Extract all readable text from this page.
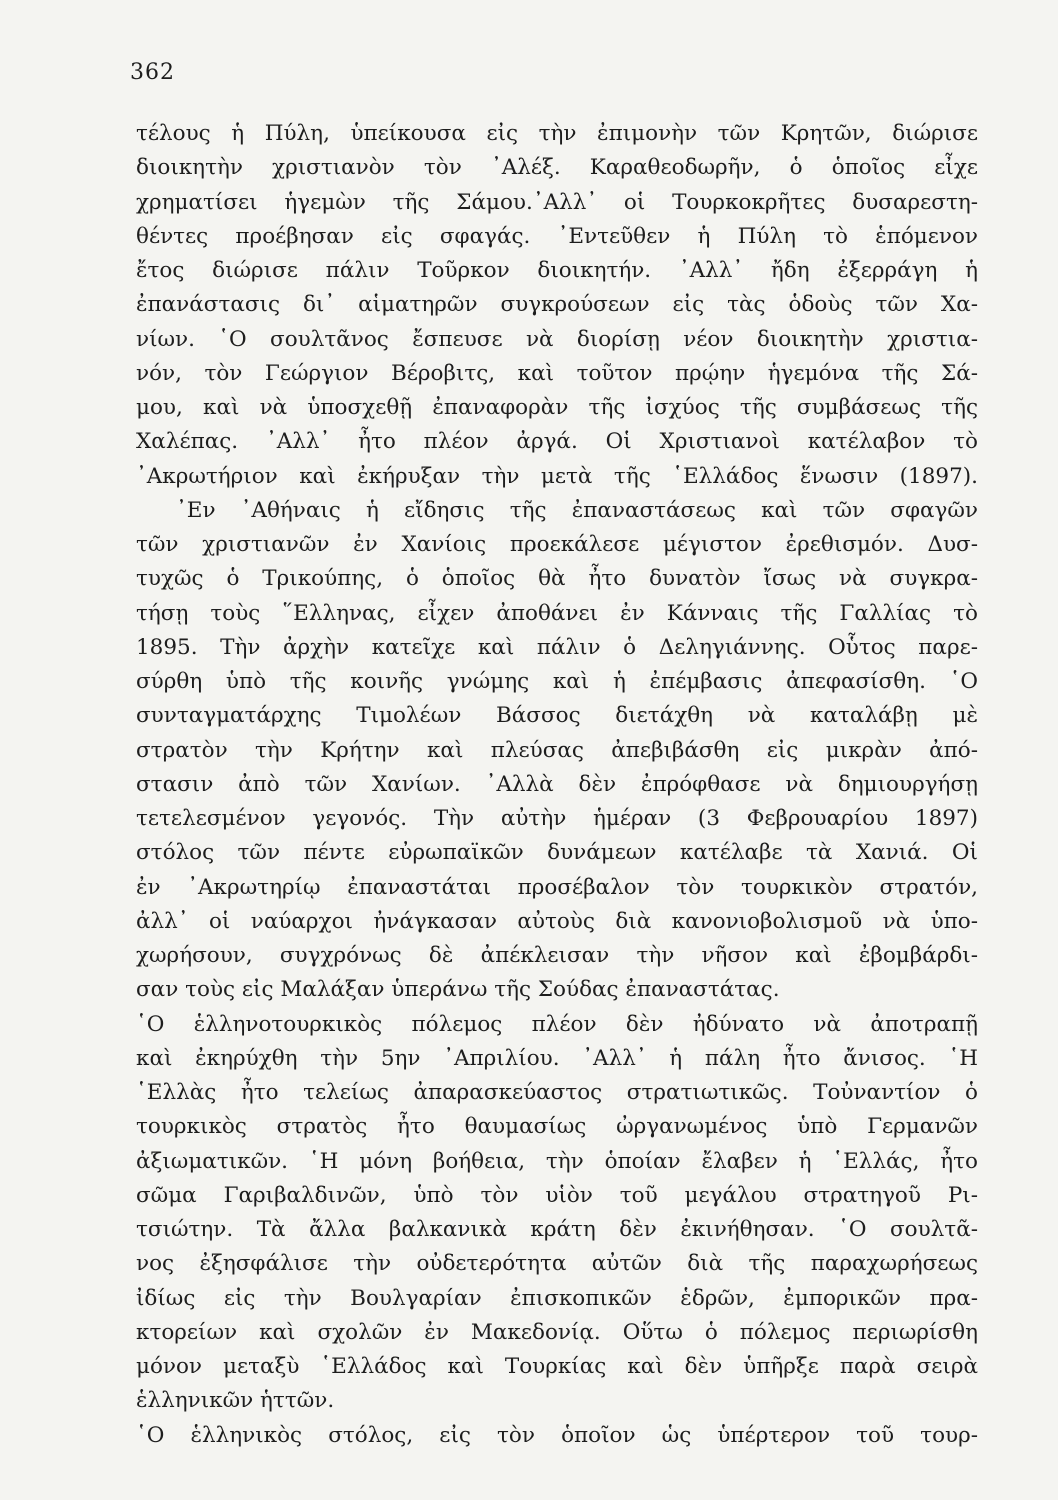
362
τέλους ἡ Πύλη, ὑπείκουσα εἰς τὴν ἐπιμονὴν τῶν Κρητῶν, διώρισε
διοικητὴν χριστιανὸν τὸν ᾿Αλέξ. Καραθεοδωρῆν, ὁ ὁποῖος εἶχε
χρηματίσει ἡγεμὼν τῆς Σάμου.᾿Αλλ᾿ οἱ Τουρκοκρῆτες δυσαρεστη-
θέντες προέβησαν εἰς σφαγάς. ᾿Εντεῦθεν ἡ Πύλη τὸ ἑπόμενον
ἔτος διώρισε πάλιν Τοῦρκον διοικητήν. ᾿Αλλ᾿ ἤδη ἐξερράγη ἡ
ἐπανάστασις δι᾿ αἱματηρῶν συγκρούσεων εἰς τὰς ὁδοὺς τῶν Χα-
νίων. ῾Ο σουλτᾶνος ἔσπευσε νὰ διορίσῃ νέον διοικητὴν χριστια-
νόν, τὸν Γεώργιον Βέροβιτς, καὶ τοῦτον πρῴην ἡγεμόνα τῆς Σά-
μου, καὶ νὰ ὑποσχεθῇ ἐπαναφορὰν τῆς ἰσχύος τῆς συμβάσεως τῆς
Χαλέπας. ᾿Αλλ᾿ ἦτο πλέον ἀργά. Οἱ Χριστιανοὶ κατέλαβον τὸ
᾿Ακρωτήριον καὶ ἐκήρυξαν τὴν μετὰ τῆς ῾Ελλάδος ἕνωσιν (1897).
᾿Εν ᾿Αθήναις ἡ εἴδησις τῆς ἐπαναστάσεως καὶ τῶν σφαγῶν
τῶν χριστιανῶν ἐν Χανίοις προεκάλεσε μέγιστον ἐρεθισμόν. Δυσ-
τυχῶς ὁ Τρικούπης, ὁ ὁποῖος θὰ ἦτο δυνατὸν ἴσως νὰ συγκρα-
τήσῃ τοὺς ῞Ελληνας, εἶχεν ἀποθάνει ἐν Κάνναις τῆς Γαλλίας τὸ
1895. Τὴν ἀρχὴν κατεῖχε καὶ πάλιν ὁ Δεληγιάννης. Οὗτος παρε-
σύρθη ὑπὸ τῆς κοινῆς γνώμης καὶ ἡ ἐπέμβασις ἀπεφασίσθη. ῾Ο
συνταγματάρχης Τιμολέων Βάσσος διετάχθη νὰ καταλάβῃ μὲ
στρατὸν τὴν Κρήτην καὶ πλεύσας ἀπεβιβάσθη εἰς μικρὰν ἀπό-
στασιν ἀπὸ τῶν Χανίων. ᾿Αλλὰ δὲν ἐπρόφθασε νὰ δημιουργήσῃ
τετελεσμένον γεγονός. Τὴν αὐτὴν ἡμέραν (3 Φεβρουαρίου 1897)
στόλος τῶν πέντε εὐρωπαϊκῶν δυνάμεων κατέλαβε τὰ Χανιά. Οἱ
ἐν ᾿Ακρωτηρίῳ ἐπαναστάται προσέβαλον τὸν τουρκικὸν στρατόν,
ἀλλ᾿ οἱ ναύαρχοι ἠνάγκασαν αὐτοὺς διὰ κανονιοβολισμοῦ νὰ ὑπο-
χωρήσουν, συγχρόνως δὲ ἀπέκλεισαν τὴν νῆσον καὶ ἐβομβάρδι-
σαν τοὺς εἰς Μαλάξαν ὑπεράνω τῆς Σούδας ἐπαναστάτας.
῾Ο ἑλληνοτουρκικὸς πόλεμος πλέον δὲν ἠδύνατο νὰ ἀποτραπῇ
καὶ ἐκηρύχθη τὴν 5ην ᾿Απριλίου. ᾿Αλλ᾿ ἡ πάλη ἦτο ἄνισος. ῾Η
῾Ελλὰς ἦτο τελείως ἀπαρασκεύαστος στρατιωτικῶς. Τοὐναντίον ὁ
τουρκικὸς στρατὸς ἦτο θαυμασίως ὠργανωμένος ὑπὸ Γερμανῶν
ἀξιωματικῶν. ῾Η μόνη βοήθεια, τὴν ὁποίαν ἔλαβεν ἡ ῾Ελλάς, ἦτο
σῶμα Γαριβαλδινῶν, ὑπὸ τὸν υἱὸν τοῦ μεγάλου στρατηγοῦ Ρι-
τσιώτην. Τὰ ἄλλα βαλκανικὰ κράτη δὲν ἐκινήθησαν. ῾Ο σουλτᾶ-
νος ἐξησφάλισε τὴν οὐδετερότητα αὐτῶν διὰ τῆς παραχωρήσεως
ἰδίως εἰς τὴν Βουλγαρίαν ἐπισκοπικῶν ἑδρῶν, ἐμπορικῶν πρα-
κτορείων καὶ σχολῶν ἐν Μακεδονίᾳ. Οὕτω ὁ πόλεμος περιωρίσθη
μόνον μεταξὺ ῾Ελλάδος καὶ Τουρκίας καὶ δὲν ὑπῆρξε παρὰ σειρὰ
ἑλληνικῶν ἡττῶν.
῾Ο ἑλληνικὸς στόλος, εἰς τὸν ὁποῖον ὡς ὑπέρτερον τοῦ τουρ-
